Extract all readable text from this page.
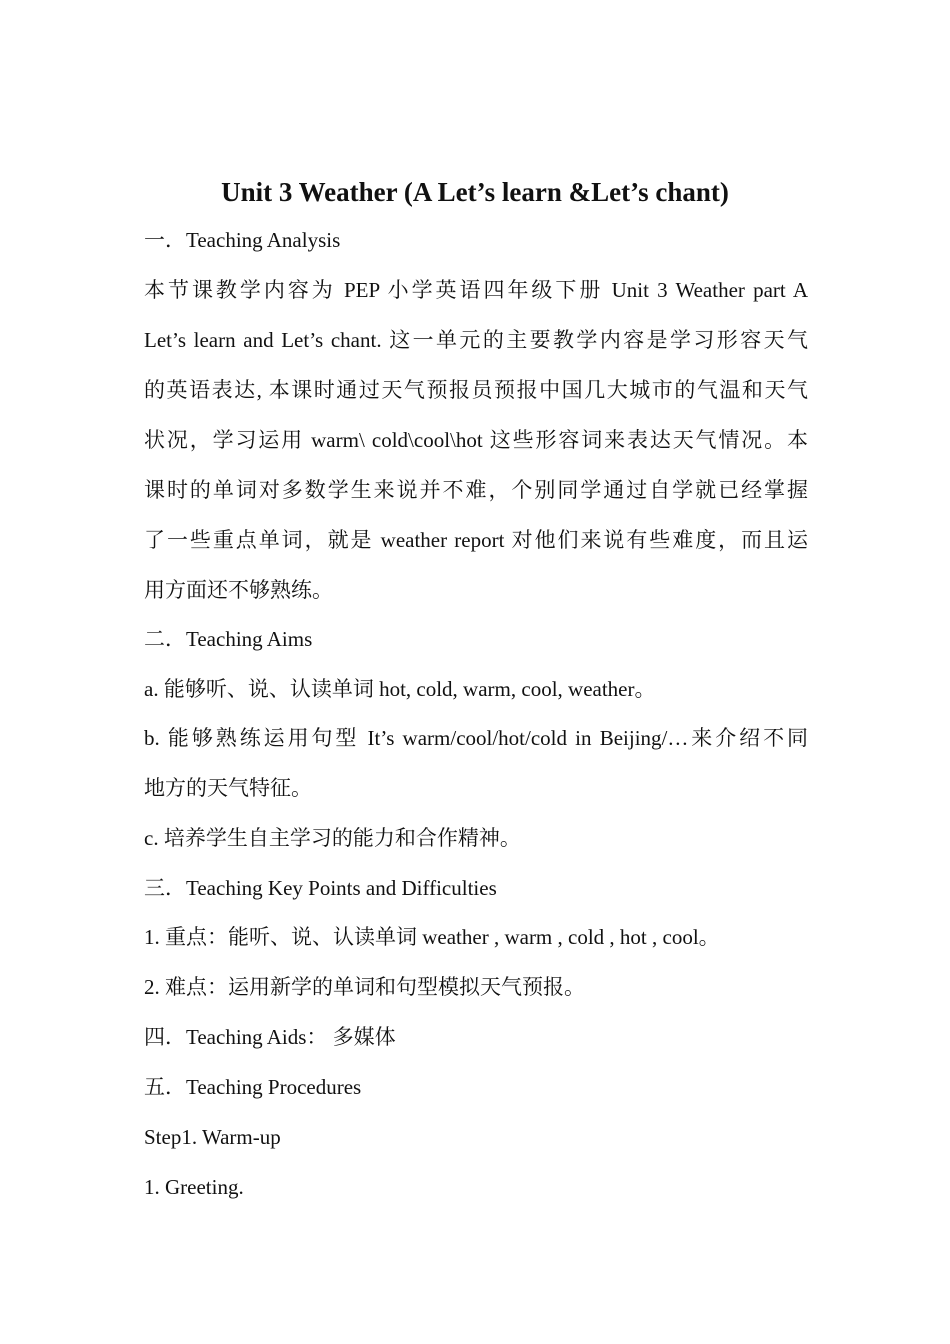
Unit 3 Weather (A Let’s learn &Let’s chant)
一．Teaching Analysis
本节课教学内容为 PEP 小学英语四年级下册 Unit 3 Weather part A
Let’s learn and Let’s chant. 这一单元的主要教学内容是学习形容天气
的英语表达, 本课时通过天气预报员预报中国几大城市的气温和天气
状况，学习运用 warm\ cold\cool\hot 这些形容词来表达天气情况。本
课时的单词对多数学生来说并不难，个别同学通过自学就已经掌握
了一些重点单词，就是 weather report 对他们来说有些难度，而且运
用方面还不够熟练。
二．Teaching Aims
a. 能够听、说、认读单词 hot, cold, warm, cool, weather。
b. 能够熟练运用句型 It’s warm/cool/hot/cold in Beijing/…来介绍不同
地方的天气特征。
c. 培养学生自主学习的能力和合作精神。
三．Teaching Key Points and Difficulties
1. 重点：能听、说、认读单词 weather , warm , cold , hot , cool。
2. 难点：运用新学的单词和句型模拟天气预报。
四．Teaching Aids： 多媒体
五．Teaching Procedures
Step1. Warm-up
1. Greeting.
